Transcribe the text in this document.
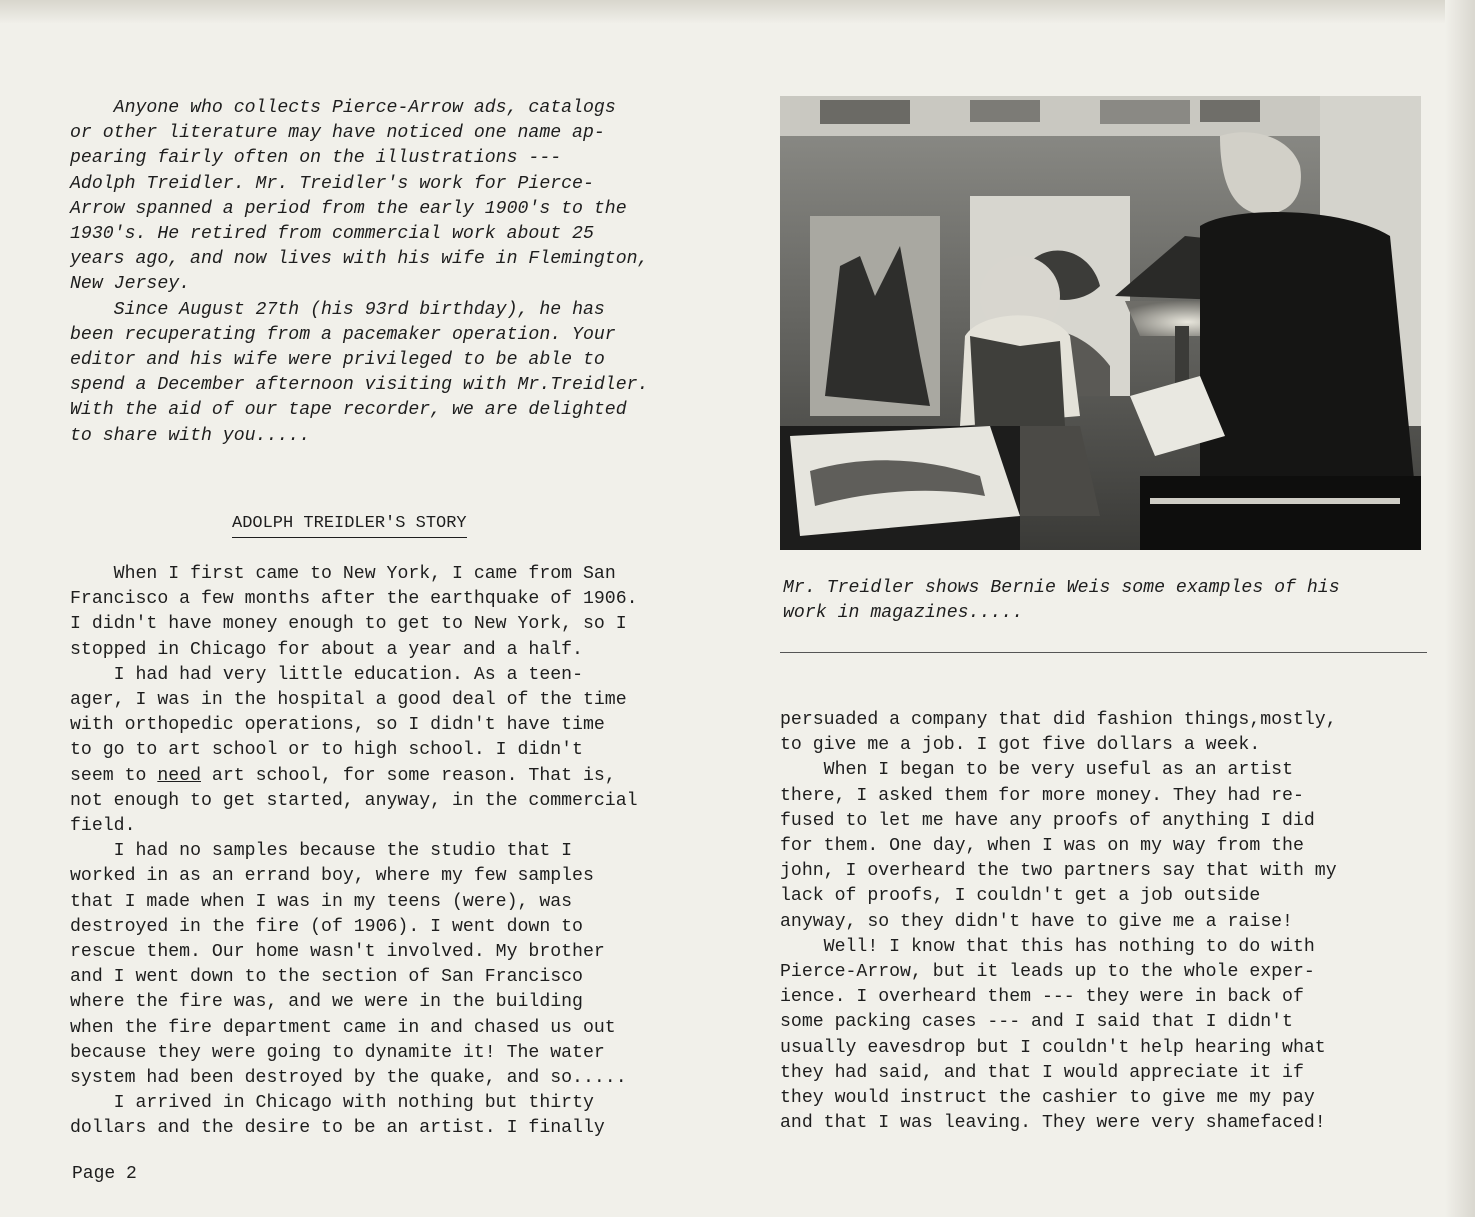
Anyone who collects Pierce-Arrow ads, catalogs
or other literature may have noticed one name ap-
pearing fairly often on the illustrations ---
Adolph Treidler. Mr. Treidler's work for Pierce-
Arrow spanned a period from the early 1900's to the
1930's. He retired from commercial work about 25
years ago, and now lives with his wife in Flemington,
New Jersey.

Since August 27th (his 93rd birthday), he has
been recuperating from a pacemaker operation. Your
editor and his wife were privileged to be able to
spend a December afternoon visiting with Mr.Treidler.
With the aid of our tape recorder, we are delighted
to share with you.....

ADOLPH TREIDLER'S STORY

When I first came to New York, I came from San
Francisco a few months after the earthquake of 1906.
I didn't have money enough to get to New York, so I
stopped in Chicago for about a year and a half.

I had had very little education. As a teen-
ager, I was in the hospital a good deal of the time
with orthopedic operations, so I didn't have time
to go to art school or to high school. I didn't
seem to need art school, for some reason. That is,
not enough to get started, anyway, in the commercial
field.

I had no samples because the studio that I
worked in as an errand boy, where my few samples
that I made when I was in my teens (were), was
destroyed in the fire (of 1906). I went down to
rescue them. Our home wasn't involved. My brother
and I went down to the section of San Francisco
where the fire was, and we were in the building
when the fire department came in and chased us out
because they were going to dynamite it! The water
system had been destroyed by the quake, and so.....

I arrived in Chicago with nothing but thirty
dollars and the desire to be an artist. I finally

Mr. Treidler shows Bernie Weis some examples of his
work in magazines.....

persuaded a company that did fashion things,mostly,
to give me a job. I got five dollars a week.

When I began to be very useful as an artist
there, I asked them for more money. They had re-
fused to let me have any proofs of anything I did
for them. One day, when I was on my way from the
john, I overheard the two partners say that with my
lack of proofs, I couldn't get a job outside
anyway, so they didn't have to give me a raise!

Well! I know that this has nothing to do with
Pierce-Arrow, but it leads up to the whole exper-
ience. I overheard them --- they were in back of
some packing cases --- and I said that I didn't
usually eavesdrop but I couldn't help hearing what
they had said, and that I would appreciate it if
they would instruct the cashier to give me my pay
and that I was leaving. They were very shamefaced!

Page 2
